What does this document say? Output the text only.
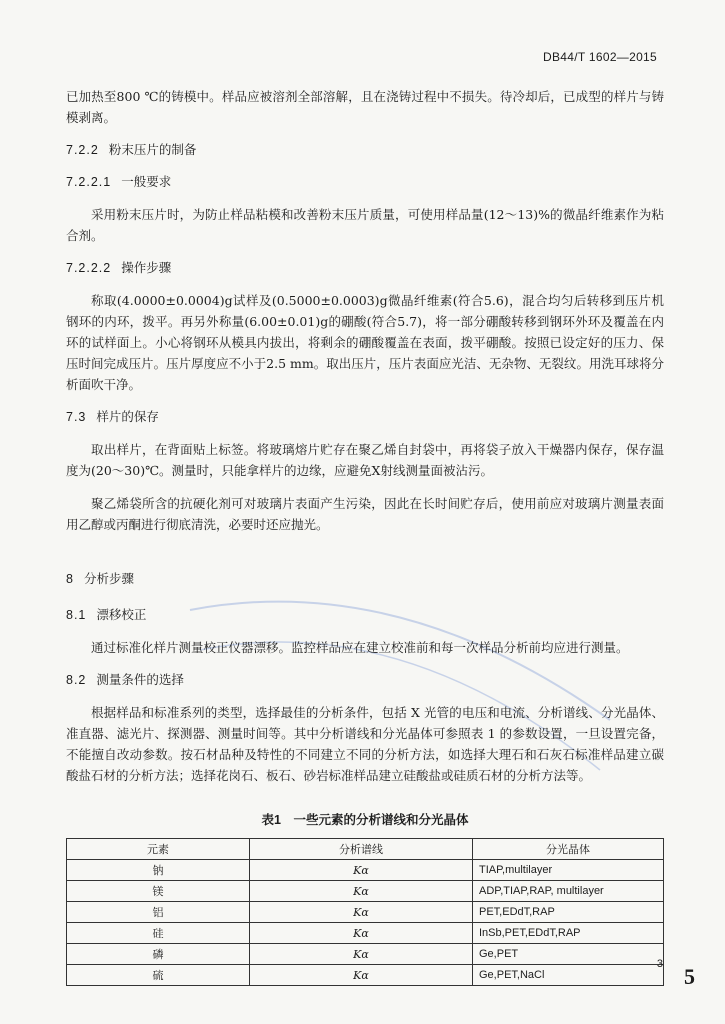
DB44/T 1602—2015

已加热至800 ℃的铸模中。样品应被溶剂全部溶解，且在浇铸过程中不损失。待冷却后，已成型的样片与铸模剥离。

7.2.2 粉末压片的制备
7.2.2.1 一般要求

采用粉末压片时，为防止样品粘模和改善粉末压片质量，可使用样品量(12～13)%的微晶纤维素作为粘合剂。

7.2.2.2 操作步骤

称取(4.0000±0.0004)g试样及(0.5000±0.0003)g微晶纤维素(符合5.6)，混合均匀后转移到压片机钢环的内环，拨平。再另外称量(6.00±0.01)g的硼酸(符合5.7)，将一部分硼酸转移到钢环外环及覆盖在内环的试样面上。小心将钢环从模具内拔出，将剩余的硼酸覆盖在表面，拨平硼酸。按照已设定好的压力、保压时间完成压片。压片厚度应不小于2.5 mm。取出压片，压片表面应光洁、无杂物、无裂纹。用洗耳球将分析面吹干净。

7.3 样片的保存

取出样片，在背面贴上标签。将玻璃熔片贮存在聚乙烯自封袋中，再将袋子放入干燥器内保存，保存温度为(20～30)℃。测量时，只能拿样片的边缘，应避免X射线测量面被沾污。

聚乙烯袋所含的抗硬化剂可对玻璃片表面产生污染，因此在长时间贮存后，使用前应对玻璃片测量表面用乙醇或丙酮进行彻底清洗，必要时还应抛光。

8 分析步骤
8.1 漂移校正

通过标准化样片测量校正仪器漂移。监控样品应在建立校准前和每一次样品分析前均应进行测量。

8.2 测量条件的选择

根据样品和标准系列的类型，选择最佳的分析条件，包括 X 光管的电压和电流、分析谱线、分光晶体、准直器、滤光片、探测器、测量时间等。其中分析谱线和分光晶体可参照表 1 的参数设置，一旦设置完备，不能擅自改动参数。按石材品种及特性的不同建立不同的分析方法，如选择大理石和石灰石标准样品建立碳酸盐石材的分析方法；选择花岗石、板石、砂岩标准样品建立硅酸盐或硅质石材的分析方法等。

表1　一些元素的分析谱线和分光晶体
元素	分析谱线	分光晶体
钠	Kα	TIAP,multilayer
镁	Kα	ADP,TIAP,RAP, multilayer
铝	Kα	PET,EDdT,RAP
硅	Kα	InSb,PET,EDdT,RAP
磷	Kα	Ge,PET
硫	Kα	Ge,PET,NaCl
3 5
